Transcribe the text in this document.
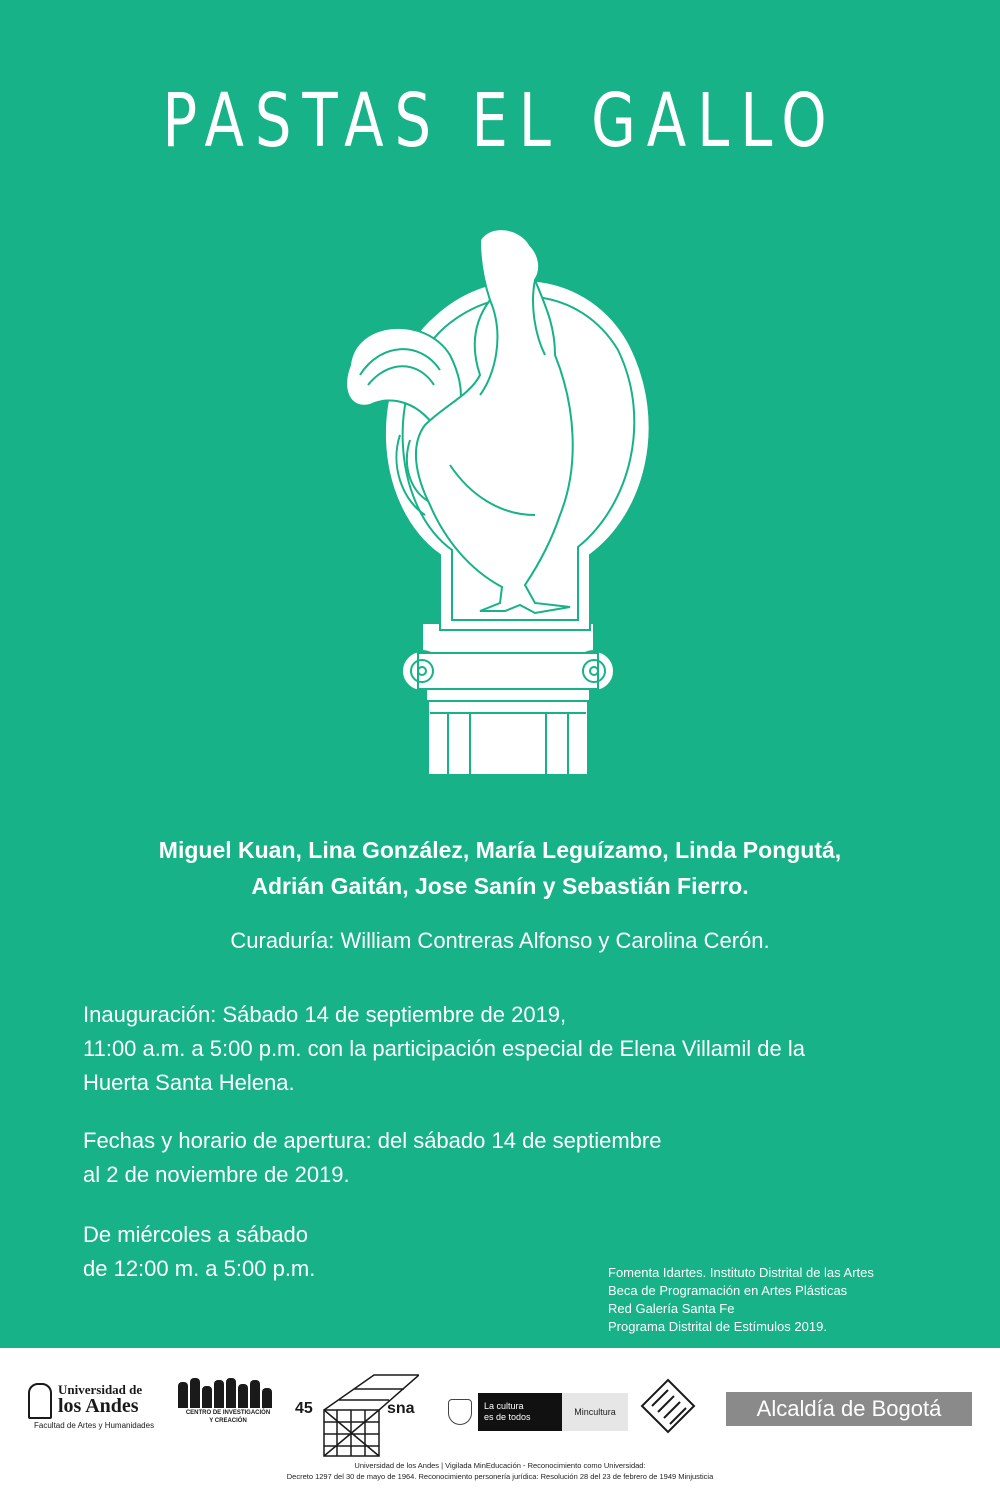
PASTAS EL GALLO
Miguel Kuan, Lina González, María Leguízamo, Linda Pongutá,
Adrián Gaitán, Jose Sanín y Sebastián Fierro.
Curaduría: William Contreras Alfonso y Carolina Cerón.
Inauguración: Sábado 14 de septiembre de 2019,
11:00 a.m. a 5:00 p.m. con la participación especial de Elena Villamil de la
Huerta Santa Helena.
Fechas y horario de apertura: del sábado 14 de septiembre
al 2 de noviembre de 2019.
De miércoles a sábado
de 12:00 m. a 5:00 p.m.	Fomenta Idartes. Instituto Distrital de las Artes
Beca de Programación en Artes Plásticas
Red Galería Santa Fe
Programa Distrital de Estímulos 2019.
Universidad de
los Andes
Facultad de Artes y Humanidades
CENTRO DE INVESTIGACIÓN
Y CREACIÓN
45	sna	La cultura
es de todos	Mincultura	Alcaldía de Bogotá
Universidad de los Andes | Vigilada MinEducación - Reconocimiento como Universidad:
Decreto 1297 del 30 de mayo de 1964. Reconocimiento personería jurídica: Resolución 28 del 23 de febrero de 1949 Minjusticia
